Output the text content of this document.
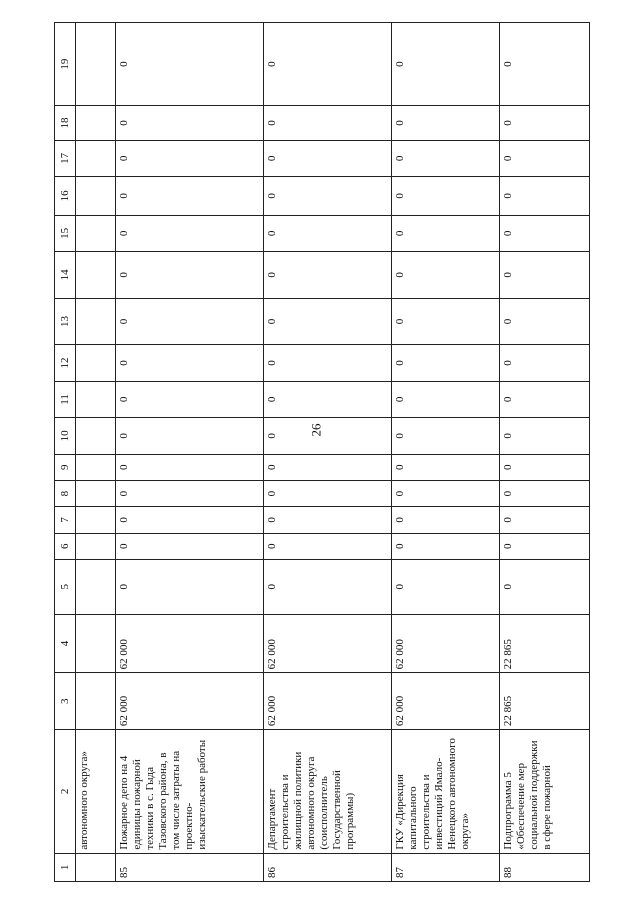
26
1	2	3	4	5	6	7	8	9	10	11	12	13	14	15	16	17	18	19
	автономного округа»																	
85	Пожарное депо на 4 единицы пожарной техники в с. Гыда Тазовского района, в том числе затраты на проектно-изыскательские работы	62 000	62 000	0	0	0	0	0	0	0	0	0	0	0	0	0	0	0
86	Департамент строительства и жилищной политики автономного округа (соисполнитель Государственной программы)	62 000	62 000	0	0	0	0	0	0	0	0	0	0	0	0	0	0	0
87	ГКУ «Дирекция капитального строительства и инвестиций Ямало-Ненецкого автономного округа»	62 000	62 000	0	0	0	0	0	0	0	0	0	0	0	0	0	0	0
88	Подпрограмма 5 «Обеспечение мер социальной поддержки в сфере пожарной	22 865	22 865	0	0	0	0	0	0	0	0	0	0	0	0	0	0	0
